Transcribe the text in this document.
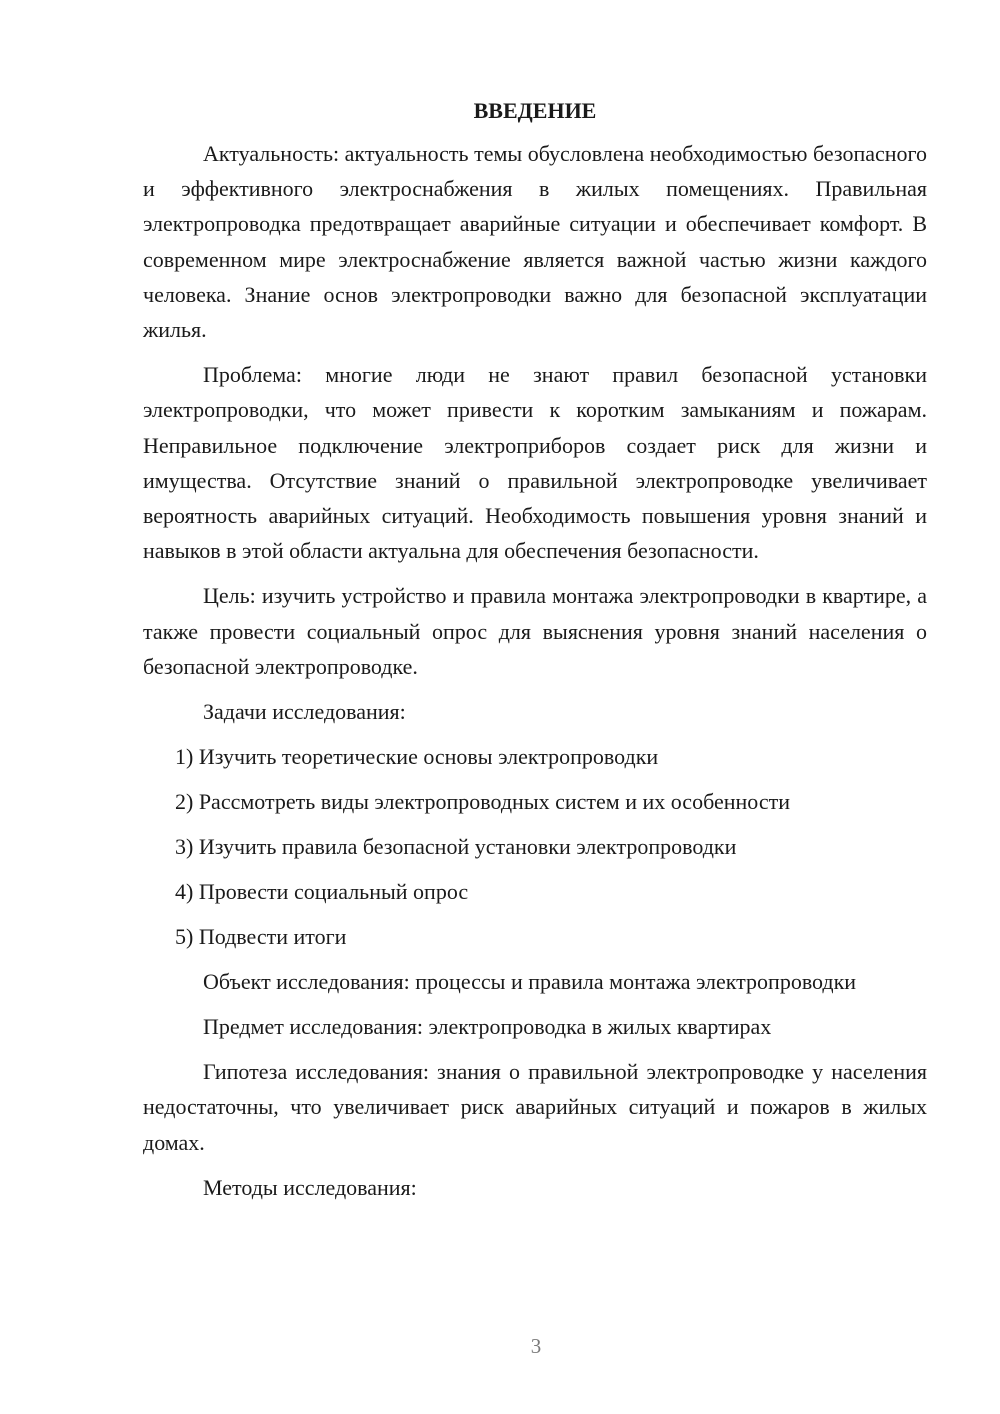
ВВЕДЕНИЕ

Актуальность: актуальность темы обусловлена необходимостью безопасного и эффективного электроснабжения в жилых помещениях. Правильная электропроводка предотвращает аварийные ситуации и обеспечивает комфорт. В современном мире электроснабжение является важной частью жизни каждого человека. Знание основ электропроводки важно для безопасной эксплуатации жилья.

Проблема: многие люди не знают правил безопасной установки электропроводки, что может привести к коротким замыканиям и пожарам. Неправильное подключение электроприборов создает риск для жизни и имущества. Отсутствие знаний о правильной электропроводке увеличивает вероятность аварийных ситуаций. Необходимость повышения уровня знаний и навыков в этой области актуальна для обеспечения безопасности.

Цель: изучить устройство и правила монтажа электропроводки в квартире, а также провести социальный опрос для выяснения уровня знаний населения о безопасной электропроводке.

Задачи исследования:

1) Изучить теоретические основы электропроводки
2) Рассмотреть виды электропроводных систем и их особенности
3) Изучить правила безопасной установки электропроводки
4) Провести социальный опрос
5) Подвести итоги

Объект исследования: процессы и правила монтажа электропроводки

Предмет исследования: электропроводка в жилых квартирах

Гипотеза исследования: знания о правильной электропроводке у населения недостаточны, что увеличивает риск аварийных ситуаций и пожаров в жилых домах.

Методы исследования:

3
